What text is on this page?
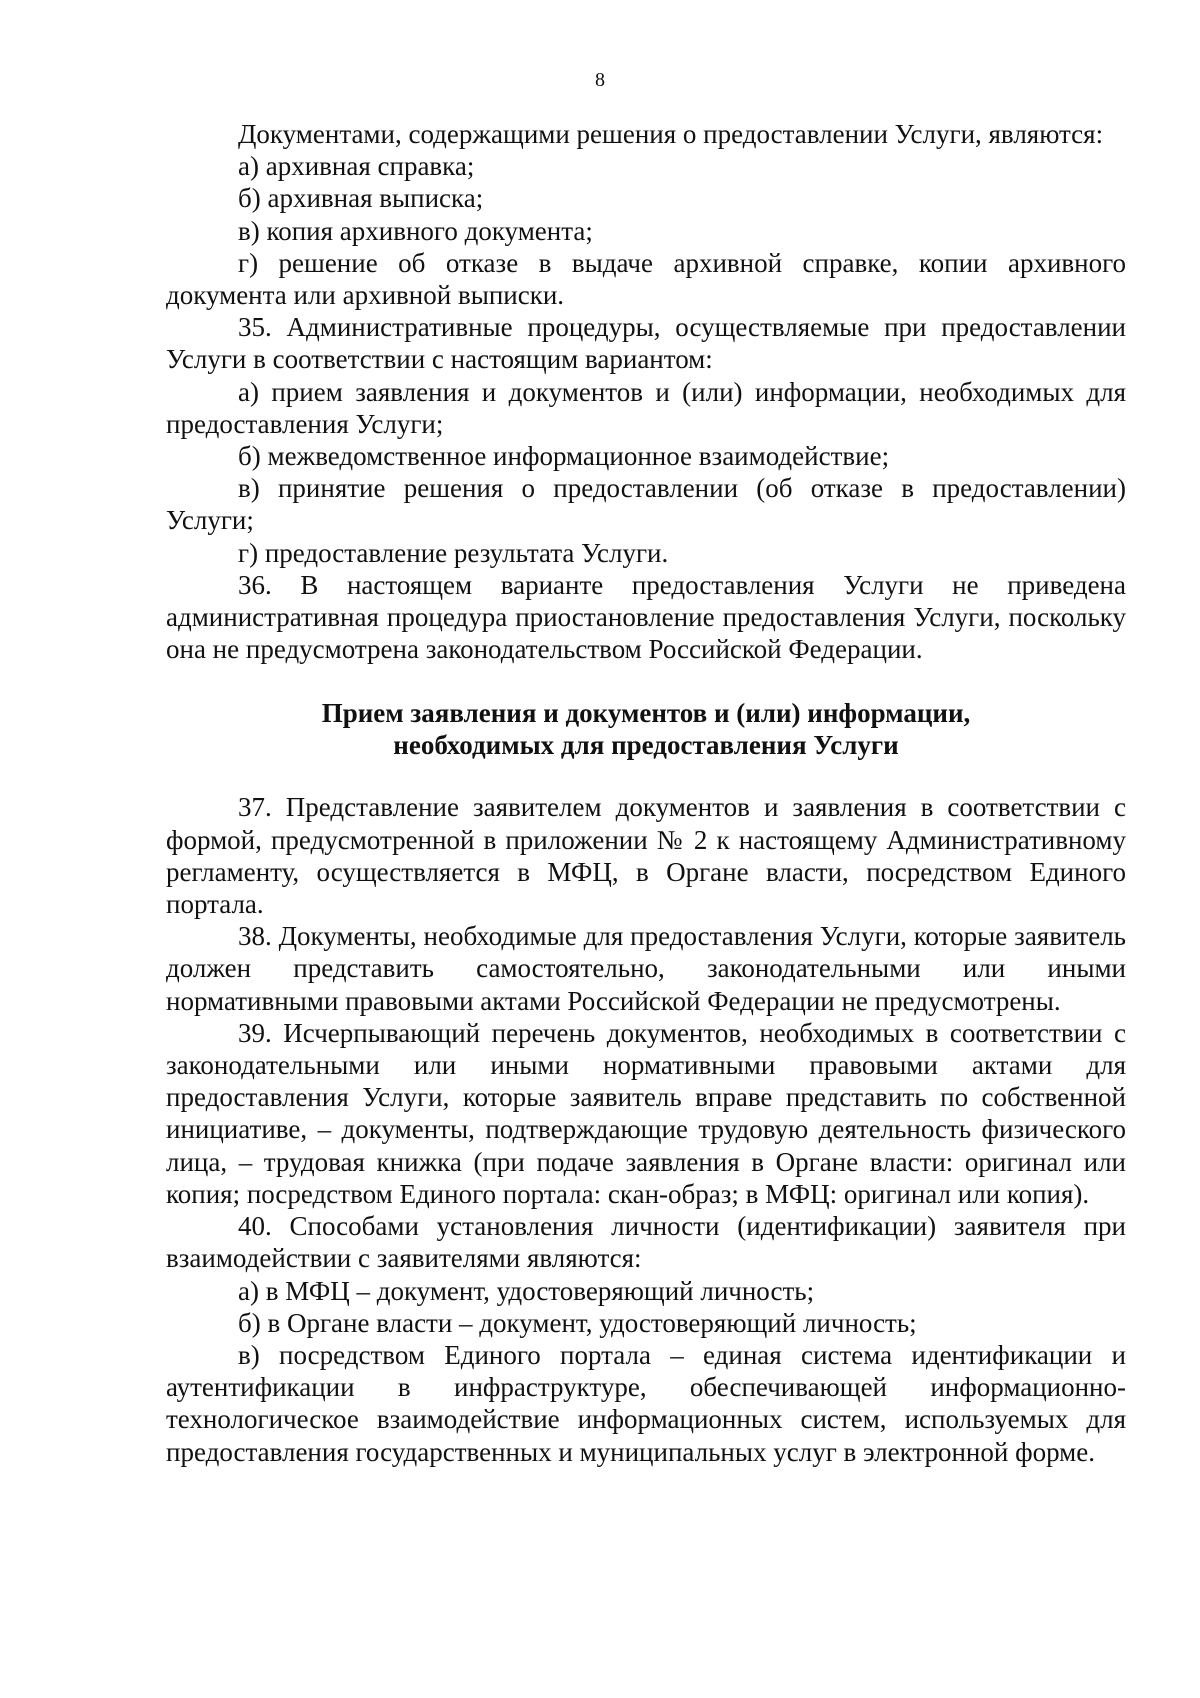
8

Документами, содержащими решения о предоставлении Услуги, являются:

а) архивная справка;

б) архивная выписка;

в) копия архивного документа;

г) решение об отказе в выдаче архивной справке, копии архивного документа или архивной выписки.

35. Административные процедуры, осуществляемые при предоставлении Услуги в соответствии с настоящим вариантом:

а) прием заявления и документов и (или) информации, необходимых для предоставления Услуги;

б) межведомственное информационное взаимодействие;

в) принятие решения о предоставлении (об отказе в предоставлении) Услуги;

г) предоставление результата Услуги.

36. В настоящем варианте предоставления Услуги не приведена административная процедура приостановление предоставления Услуги, поскольку она не предусмотрена законодательством Российской Федерации.

Прием заявления и документов и (или) информации,
необходимых для предоставления Услуги

37. Представление заявителем документов и заявления в соответствии с формой, предусмотренной в приложении № 2 к настоящему Административному регламенту, осуществляется в МФЦ, в Органе власти, посредством Единого портала.

38. Документы, необходимые для предоставления Услуги, которые заявитель должен представить самостоятельно, законодательными или иными нормативными правовыми актами Российской Федерации не предусмотрены.

39. Исчерпывающий перечень документов, необходимых в соответствии с законодательными или иными нормативными правовыми актами для предоставления Услуги, которые заявитель вправе представить по собственной инициативе, – документы, подтверждающие трудовую деятельность физического лица, – трудовая книжка (при подаче заявления в Органе власти: оригинал или копия; посредством Единого портала: скан-образ; в МФЦ: оригинал или копия).

40. Способами установления личности (идентификации) заявителя при взаимодействии с заявителями являются:

а) в МФЦ – документ, удостоверяющий личность;

б) в Органе власти – документ, удостоверяющий личность;

в) посредством Единого портала – единая система идентификации и аутентификации в инфраструктуре, обеспечивающей информационно-технологическое взаимодействие информационных систем, используемых для предоставления государственных и муниципальных услуг в электронной форме.
